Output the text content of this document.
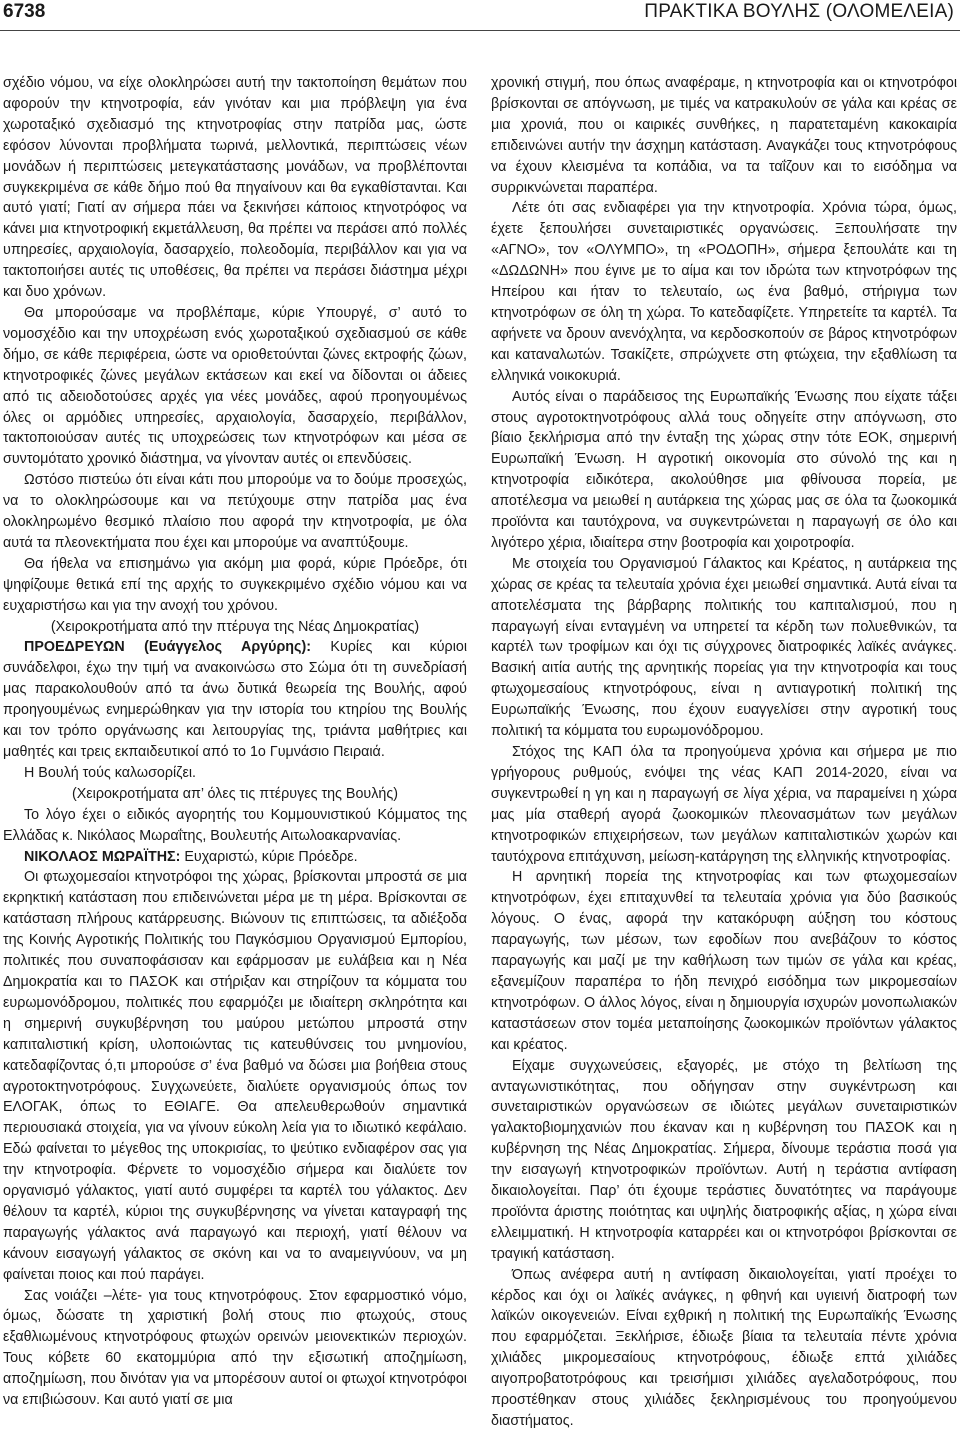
6738	ΠΡΑΚΤΙΚΑ ΒΟΥΛΗΣ (ΟΛΟΜΕΛΕΙΑ)

σχέδιο νόμου, να είχε ολοκληρώσει αυτή την τακτοποίηση θεμάτων που αφορούν την κτηνοτροφία, εάν γινόταν και μια πρόβλεψη για ένα χωροταξικό σχεδιασμό της κτηνοτροφίας στην πατρίδα μας, ώστε εφόσον λύνονται προβλήματα τωρινά, μελλοντικά, περιπτώσεις νέων μονάδων ή περιπτώσεις μετεγκατάστασης μονάδων, να προβλέπονται συγκεκριμένα σε κάθε δήμο πού θα πηγαίνουν και θα εγκαθίστανται. Και αυτό γιατί; Γιατί αν σήμερα πάει να ξεκινήσει κάποιος κτηνοτρόφος να κάνει μια κτηνοτροφική εκμετάλλευση, θα πρέπει να περάσει από πολλές υπηρεσίες, αρχαιολογία, δασαρχείο, πολεοδομία, περιβάλλον και για να τακτοποιήσει αυτές τις υποθέσεις, θα πρέπει να περάσει διάστημα μέχρι και δυο χρόνων.

Θα μπορούσαμε να προβλέπαμε, κύριε Υπουργέ, σ’ αυτό το νομοσχέδιο και την υποχρέωση ενός χωροταξικού σχεδιασμού σε κάθε δήμο, σε κάθε περιφέρεια, ώστε να οριοθετούνται ζώνες εκτροφής ζώων, κτηνοτροφικές ζώνες μεγάλων εκτάσεων και εκεί να δίδονται οι άδειες από τις αδειοδοτούσες αρχές για νέες μονάδες, αφού προηγουμένως όλες οι αρμόδιες υπηρεσίες, αρχαιολογία, δασαρχείο, περιβάλλον, τακτοποιούσαν αυτές τις υποχρεώσεις των κτηνοτρόφων και μέσα σε συντομότατο χρονικό διάστημα, να γίνονταν αυτές οι επενδύσεις.

Ωστόσο πιστεύω ότι είναι κάτι που μπορούμε να το δούμε προσεχώς, να το ολοκληρώσουμε και να πετύχουμε στην πατρίδα μας ένα ολοκληρωμένο θεσμικό πλαίσιο που αφορά την κτηνοτροφία, με όλα αυτά τα πλεονεκτήματα που έχει και μπορούμε να αναπτύξουμε.

Θα ήθελα να επισημάνω για ακόμη μια φορά, κύριε Πρόεδρε, ότι ψηφίζουμε θετικά επί της αρχής το συγκεκριμένο σχέδιο νόμου και να ευχαριστήσω και για την ανοχή του χρόνου.

(Χειροκροτήματα από την πτέρυγα της Νέας Δημοκρατίας)

ΠΡΟΕΔΡΕΥΩΝ (Ευάγγελος Αργύρης): Κυρίες και κύριοι συνάδελφοι, έχω την τιμή να ανακοινώσω στο Σώμα ότι τη συνεδρίασή μας παρακολουθούν από τα άνω δυτικά θεωρεία της Βουλής, αφού προηγουμένως ενημερώθηκαν για την ιστορία του κτηρίου της Βουλής και τον τρόπο οργάνωσης και λειτουργίας της, τριάντα μαθήτριες και μαθητές και τρεις εκπαιδευτικοί από το 1ο Γυμνάσιο Πειραιά.

Η Βουλή τούς καλωσορίζει.

(Χειροκροτήματα απ’ όλες τις πτέρυγες της Βουλής)

Το λόγο έχει ο ειδικός αγορητής του Κομμουνιστικού Κόμματος της Ελλάδας κ. Νικόλαος Μωραΐτης, Βουλευτής Αιτωλοακαρνανίας.

ΝΙΚΟΛΑΟΣ ΜΩΡΑΪΤΗΣ: Ευχαριστώ, κύριε Πρόεδρε.

Οι φτωχομεσαίοι κτηνοτρόφοι της χώρας, βρίσκονται μπροστά σε μια εκρηκτική κατάσταση που επιδεινώνεται μέρα με τη μέρα. Βρίσκονται σε κατάσταση πλήρους κατάρρευσης. Βιώνουν τις επιπτώσεις, τα αδιέξοδα της Κοινής Αγροτικής Πολιτικής του Παγκόσμιου Οργανισμού Εμπορίου, πολιτικές που συναποφάσισαν και εφάρμοσαν με ευλάβεια και η Νέα Δημοκρατία και το ΠΑΣΟΚ και στήριξαν και στηρίζουν τα κόμματα του ευρωμονόδρομου, πολιτικές που εφαρμόζει με ιδιαίτερη σκληρότητα και η σημερινή συγκυβέρνηση του μαύρου μετώπου μπροστά στην καπιταλιστική κρίση, υλοποιώντας τις κατευθύνσεις του μνημονίου, κατεδαφίζοντας ό,τι μπορούσε σ’ ένα βαθμό να δώσει μια βοήθεια στους αγροτοκτηνοτρόφους. Συγχωνεύετε, διαλύετε οργανισμούς όπως τον ΕΛΟΓΑΚ, όπως το ΕΘΙΑΓΕ. Θα απελευθερωθούν σημαντικά περιουσιακά στοιχεία, για να γίνουν εύκολη λεία για το ιδιωτικό κεφάλαιο. Εδώ φαίνεται το μέγεθος της υποκρισίας, το ψεύτικο ενδιαφέρον σας για την κτηνοτροφία. Φέρνετε το νομοσχέδιο σήμερα και διαλύετε τον οργανισμό γάλακτος, γιατί αυτό συμφέρει τα καρτέλ του γάλακτος. Δεν θέλουν τα καρτέλ, κύριοι της συγκυβέρνησης να γίνεται καταγραφή της παραγωγής γάλακτος ανά παραγωγό και περιοχή, γιατί θέλουν να κάνουν εισαγωγή γάλακτος σε σκόνη και να το αναμειγνύουν, να μη φαίνεται ποιος και πού παράγει.

Σας νοιάζει –λέτε- για τους κτηνοτρόφους. Στον εφαρμοστικό νόμο, όμως, δώσατε τη χαριστική βολή στους πιο φτωχούς, στους εξαθλιωμένους κτηνοτρόφους φτωχών ορεινών μειονεκτικών περιοχών. Τους κόβετε 60 εκατομμύρια από την εξισωτική αποζημίωση, αποζημίωση, που δινόταν για να μπορέσουν αυτοί οι φτωχοί κτηνοτρόφοι να επιβιώσουν. Και αυτό γιατί σε μια

χρονική στιγμή, που όπως αναφέραμε, η κτηνοτροφία και οι κτηνοτρόφοι βρίσκονται σε απόγνωση, με τιμές να κατρακυλούν σε γάλα και κρέας σε μια χρονιά, που οι καιρικές συνθήκες, η παρατεταμένη κακοκαιρία επιδεινώνει αυτήν την άσχημη κατάσταση. Αναγκάζει τους κτηνοτρόφους να έχουν κλεισμένα τα κοπάδια, να τα ταΐζουν και το εισόδημα να συρρικνώνεται παραπέρα.

Λέτε ότι σας ενδιαφέρει για την κτηνοτροφία. Χρόνια τώρα, όμως, έχετε ξεπουλήσει συνεταιριστικές οργανώσεις. Ξεπουλήσατε την «ΑΓΝΟ», τον «ΟΛΥΜΠΟ», τη «ΡΟΔΟΠΗ», σήμερα ξεπουλάτε και τη «ΔΩΔΩΝΗ» που έγινε με το αίμα και τον ιδρώτα των κτηνοτρόφων της Ηπείρου και ήταν το τελευταίο, ως ένα βαθμό, στήριγμα των κτηνοτρόφων σε όλη τη χώρα. Το κατεδαφίζετε. Υπηρετείτε τα καρτέλ. Τα αφήνετε να δρουν ανενόχλητα, να κερδοσκοπούν σε βάρος κτηνοτρόφων και καταναλωτών. Τσακίζετε, σπρώχνετε στη φτώχεια, την εξαθλίωση τα ελληνικά νοικοκυριά.

Αυτός είναι ο παράδεισος της Ευρωπαϊκής Ένωσης που είχατε τάξει στους αγροτοκτηνοτρόφους αλλά τους οδηγείτε στην απόγνωση, στο βίαιο ξεκλήρισμα από την ένταξη της χώρας στην τότε ΕΟΚ, σημερινή Ευρωπαϊκή Ένωση. Η αγροτική οικονομία στο σύνολό της και η κτηνοτροφία ειδικότερα, ακολούθησε μια φθίνουσα πορεία, με αποτέλεσμα να μειωθεί η αυτάρκεια της χώρας μας σε όλα τα ζωοκομικά προϊόντα και ταυτόχρονα, να συγκεντρώνεται η παραγωγή σε όλο και λιγότερο χέρια, ιδιαίτερα στην βοοτροφία και χοιροτροφία.

Με στοιχεία του Οργανισμού Γάλακτος και Κρέατος, η αυτάρκεια της χώρας σε κρέας τα τελευταία χρόνια έχει μειωθεί σημαντικά. Αυτά είναι τα αποτελέσματα της βάρβαρης πολιτικής του καπιταλισμού, που η παραγωγή είναι ενταγμένη να υπηρετεί τα κέρδη των πολυεθνικών, τα καρτέλ των τροφίμων και όχι τις σύγχρονες διατροφικές λαϊκές ανάγκες. Βασική αιτία αυτής της αρνητικής πορείας για την κτηνοτροφία και τους φτωχομεσαίους κτηνοτρόφους, είναι η αντιαγροτική πολιτική της Ευρωπαϊκής Ένωσης, που έχουν ευαγγελίσει στην αγροτική τους πολιτική τα κόμματα του ευρωμονόδρομου.

Στόχος της ΚΑΠ όλα τα προηγούμενα χρόνια και σήμερα με πιο γρήγορους ρυθμούς, ενόψει της νέας ΚΑΠ 2014-2020, είναι να συγκεντρωθεί η γη και η παραγωγή σε λίγα χέρια, να παραμείνει η χώρα μας μία σταθερή αγορά ζωοκομικών πλεονασμάτων των μεγάλων κτηνοτροφικών επιχειρήσεων, των μεγάλων καπιταλιστικών χωρών και ταυτόχρονα επιτάχυνση, μείωση-κατάργηση της ελληνικής κτηνοτροφίας.

Η αρνητική πορεία της κτηνοτροφίας και των φτωχομεσαίων κτηνοτρόφων, έχει επιταχυνθεί τα τελευταία χρόνια για δύο βασικούς λόγους. Ο ένας, αφορά την κατακόρυφη αύξηση του κόστους παραγωγής, των μέσων, των εφοδίων που ανεβάζουν το κόστος παραγωγής και μαζί με την καθήλωση των τιμών σε γάλα και κρέας, εξανεμίζουν παραπέρα το ήδη πενιχρό εισόδημα των μικρομεσαίων κτηνοτρόφων. Ο άλλος λόγος, είναι η δημιουργία ισχυρών μονοπωλιακών καταστάσεων στον τομέα μεταποίησης ζωοκομικών προϊόντων γάλακτος και κρέατος.

Είχαμε συγχωνεύσεις, εξαγορές, με στόχο τη βελτίωση της ανταγωνιστικότητας, που οδήγησαν στην συγκέντρωση και συνεταιριστικών οργανώσεων σε ιδιώτες μεγάλων συνεταιριστικών γαλακτοβιομηχανιών που έκαναν και η κυβέρνηση του ΠΑΣΟΚ και η κυβέρνηση της Νέας Δημοκρατίας. Σήμερα, δίνουμε τεράστια ποσά για την εισαγωγή κτηνοτροφικών προϊόντων. Αυτή η τεράστια αντίφαση δικαιολογείται. Παρ’ ότι έχουμε τεράστιες δυνατότητες να παράγουμε προϊόντα άριστης ποιότητας και υψηλής διατροφικής αξίας, η χώρα είναι ελλειμματική. Η κτηνοτροφία καταρρέει και οι κτηνοτρόφοι βρίσκονται σε τραγική κατάσταση.

Όπως ανέφερα αυτή η αντίφαση δικαιολογείται, γιατί προέχει το κέρδος και όχι οι λαϊκές ανάγκες, η φθηνή και υγιεινή διατροφή των λαϊκών οικογενειών. Είναι εχθρική η πολιτική της Ευρωπαϊκής Ένωσης που εφαρμόζεται. Ξεκλήρισε, έδιωξε βίαια τα τελευταία πέντε χρόνια χιλιάδες μικρομεσαίους κτηνοτρόφους, έδιωξε επτά χιλιάδες αιγοπροβατοτρόφους και τρεισήμισι χιλιάδες αγελαδοτρόφους, που προστέθηκαν στους χιλιάδες ξεκληρισμένους του προηγούμενου διαστήματος.
